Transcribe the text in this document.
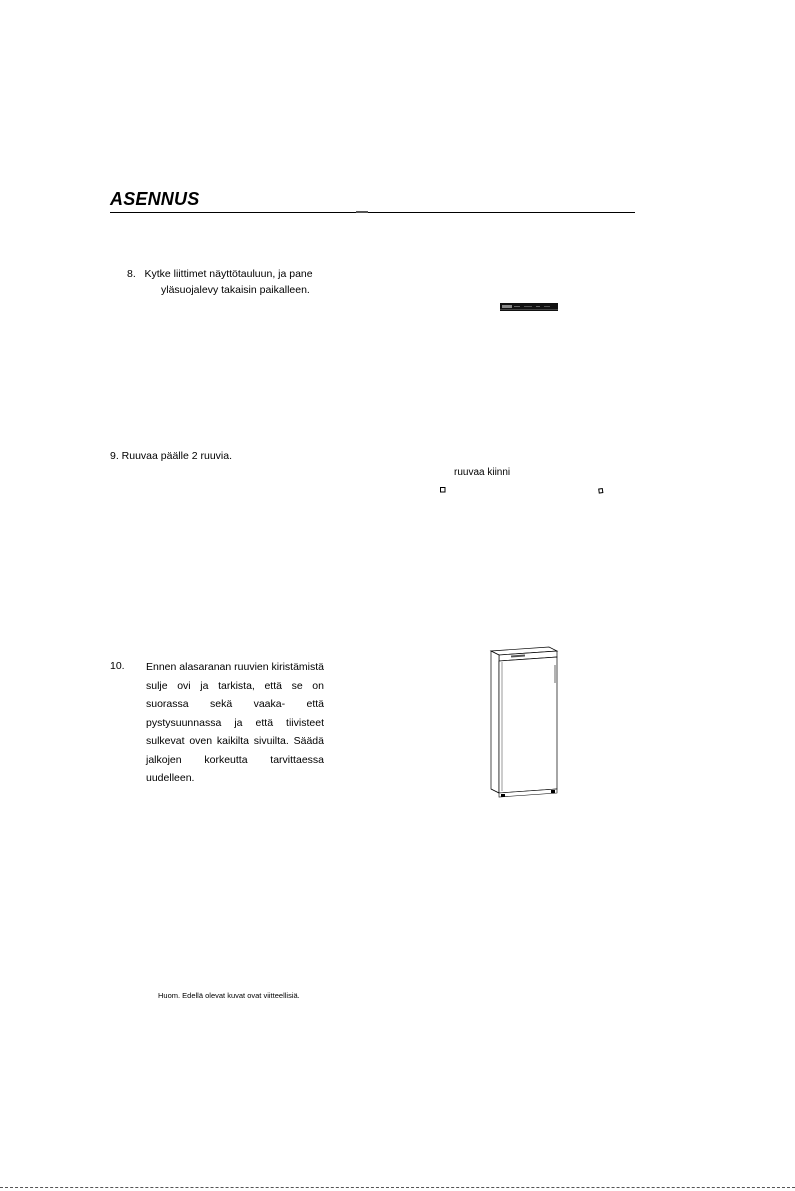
ASENNUS
8.   Kytke liittimet näyttötauluun, ja pane
yläsuojalevy takaisin paikalleen.
9. Ruuvaa päälle 2 ruuvia.
ruuvaa kiinni
10. Ennen alasaranan ruuvien kiristämistä sulje ovi ja tarkista, että se on suorassa sekä vaaka- että pystysuunnassa ja että tiivisteet sulkevat oven kaikilta sivuilta. Säädä jalkojen korkeutta tarvittaessa uudelleen.
Huom. Edellä olevat kuvat ovat viitteellisiä.
